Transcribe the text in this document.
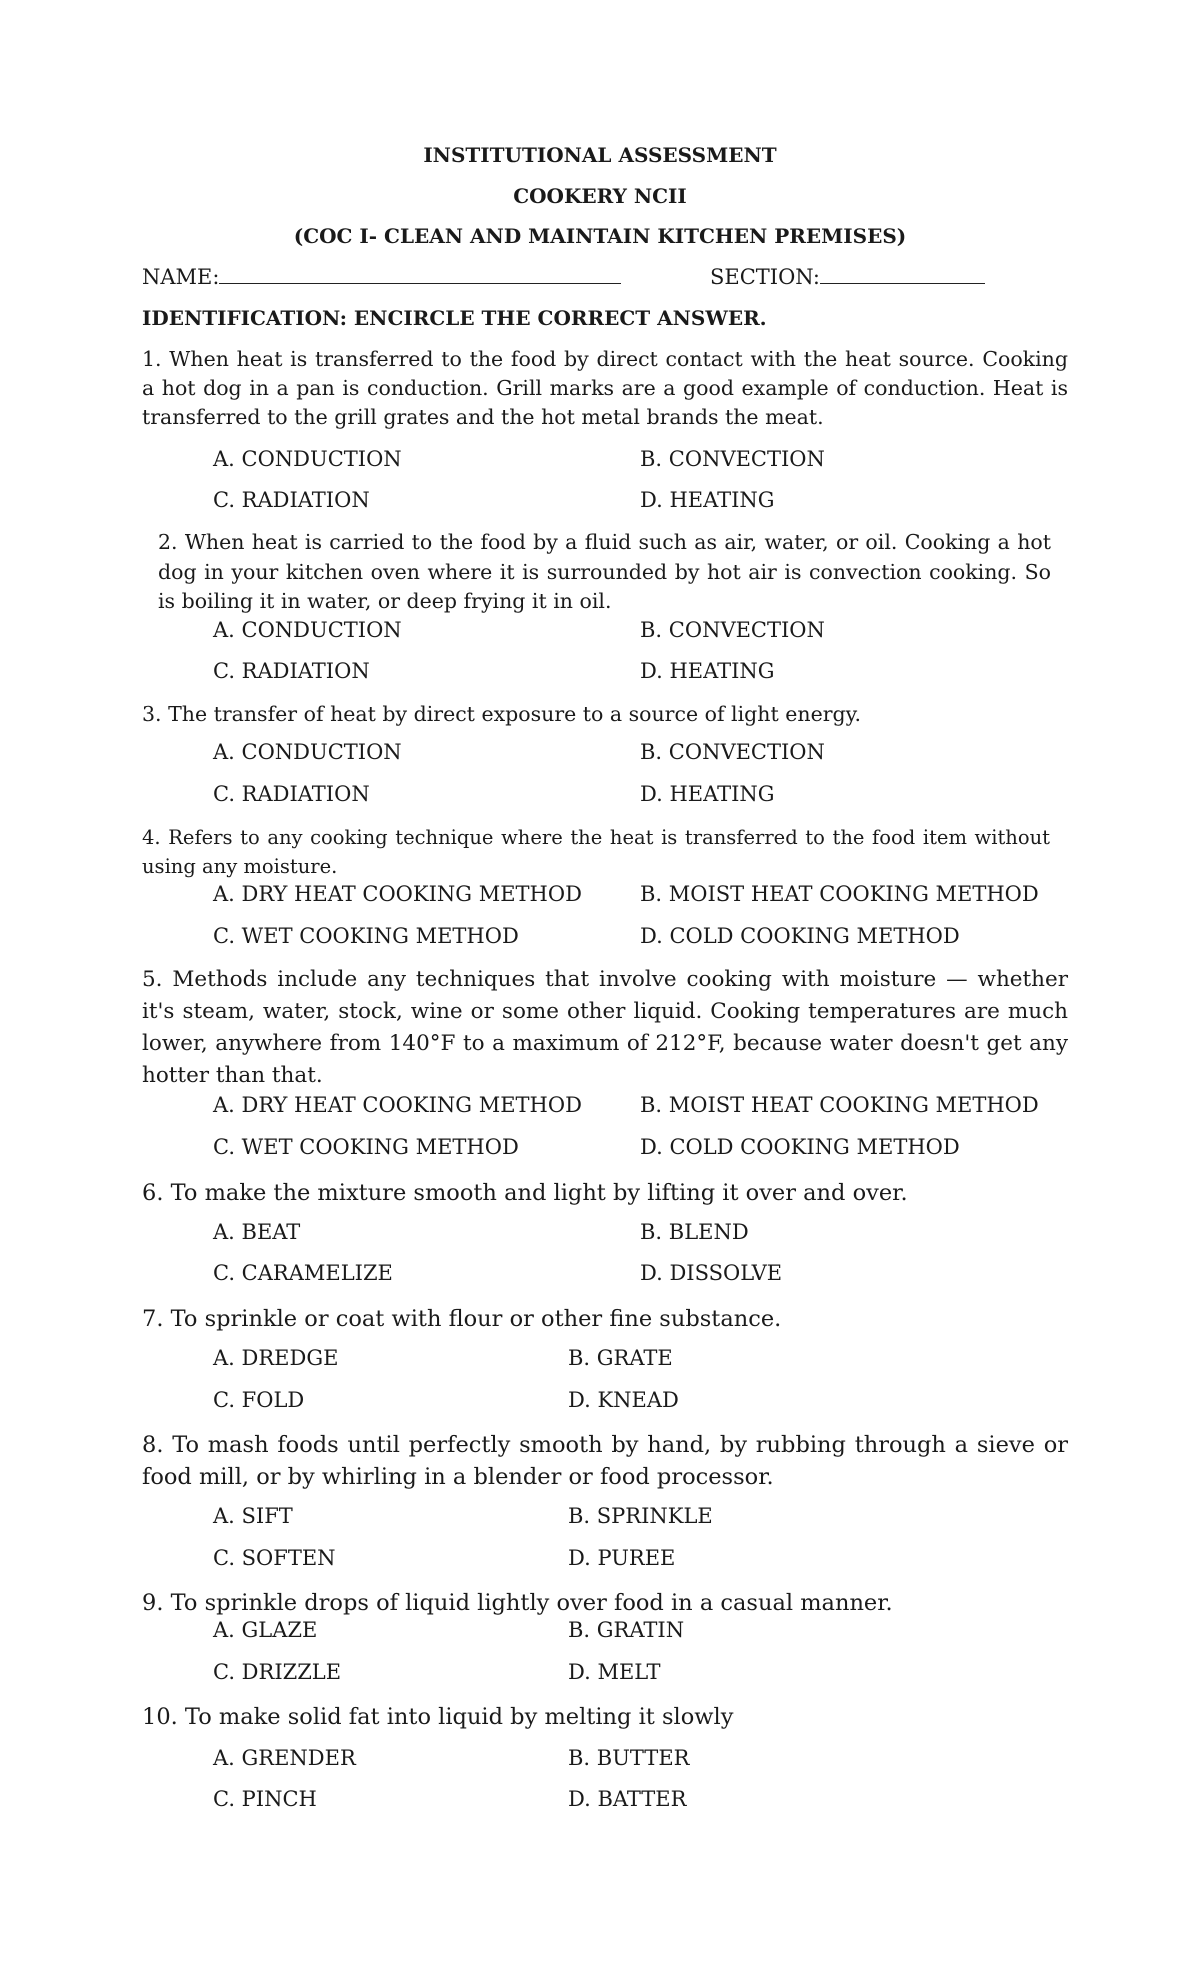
INSTITUTIONAL ASSESSMENT
COOKERY NCII
(COC I- CLEAN AND MAINTAIN KITCHEN PREMISES)
NAME:	SECTION:

IDENTIFICATION: ENCIRCLE THE CORRECT ANSWER.

1. When heat is transferred to the food by direct contact with the heat source. Cooking a hot dog in a pan is conduction. Grill marks are a good example of conduction. Heat is transferred to the grill grates and the hot metal brands the meat.

A. CONDUCTION	B. CONVECTION
C. RADIATION	D. HEATING

2. When heat is carried to the food by a fluid such as air, water, or oil. Cooking a hot dog in your kitchen oven where it is surrounded by hot air is convection cooking. So is boiling it in water, or deep frying it in oil.

A. CONDUCTION	B. CONVECTION
C. RADIATION	D. HEATING

3. The transfer of heat by direct exposure to a source of light energy.

A. CONDUCTION	B. CONVECTION
C. RADIATION	D. HEATING

4. Refers to any cooking technique where the heat is transferred to the food item without using any moisture.

A. DRY HEAT COOKING METHOD	B. MOIST HEAT COOKING METHOD
C. WET COOKING METHOD	D. COLD COOKING METHOD

5. Methods include any techniques that involve cooking with moisture — whether it's steam, water, stock, wine or some other liquid. Cooking temperatures are much lower, anywhere from 140°F to a maximum of 212°F, because water doesn't get any hotter than that.

A. DRY HEAT COOKING METHOD	B. MOIST HEAT COOKING METHOD
C. WET COOKING METHOD	D. COLD COOKING METHOD

6. To make the mixture smooth and light by lifting it over and over.

A. BEAT	B. BLEND
C. CARAMELIZE	D. DISSOLVE

7. To sprinkle or coat with flour or other fine substance.

A. DREDGE	B. GRATE
C. FOLD	D. KNEAD

8. To mash foods until perfectly smooth by hand, by rubbing through a sieve or food mill, or by whirling in a blender or food processor.

A. SIFT	B. SPRINKLE
C. SOFTEN	D. PUREE

9. To sprinkle drops of liquid lightly over food in a casual manner.

A. GLAZE	B. GRATIN
C. DRIZZLE	D. MELT

10. To make solid fat into liquid by melting it slowly

A. GRENDER	B. BUTTER
C. PINCH	D. BATTER
